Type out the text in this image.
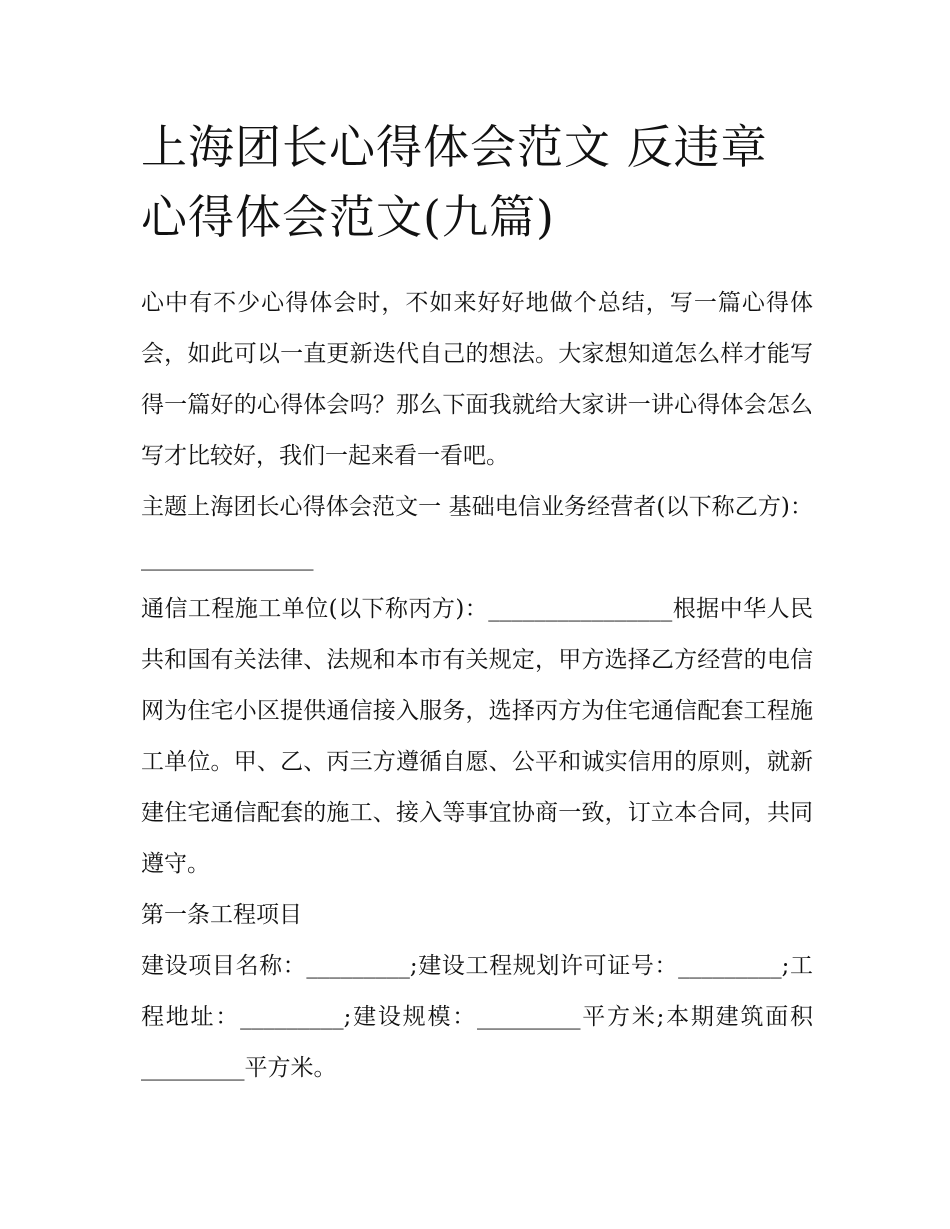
上海团长心得体会范文 反违章心得体会范文(九篇)

心中有不少心得体会时，不如来好好地做个总结，写一篇心得体会，如此可以一直更新迭代自己的想法。大家想知道怎么样才能写得一篇好的心得体会吗？那么下面我就给大家讲一讲心得体会怎么写才比较好，我们一起来看一看吧。

主题上海团长心得体会范文一 基础电信业务经营者(以下称乙方)：_______________

通信工程施工单位(以下称丙方)：________________根据中华人民共和国有关法律、法规和本市有关规定，甲方选择乙方经营的电信网为住宅小区提供通信接入服务，选择丙方为住宅通信配套工程施工单位。甲、乙、丙三方遵循自愿、公平和诚实信用的原则，就新建住宅通信配套的施工、接入等事宜协商一致，订立本合同，共同遵守。

第一条工程项目

建设项目名称：_________;建设工程规划许可证号：_________;工程地址：_________;建设规模：_________平方米;本期建筑面积_________平方米。
